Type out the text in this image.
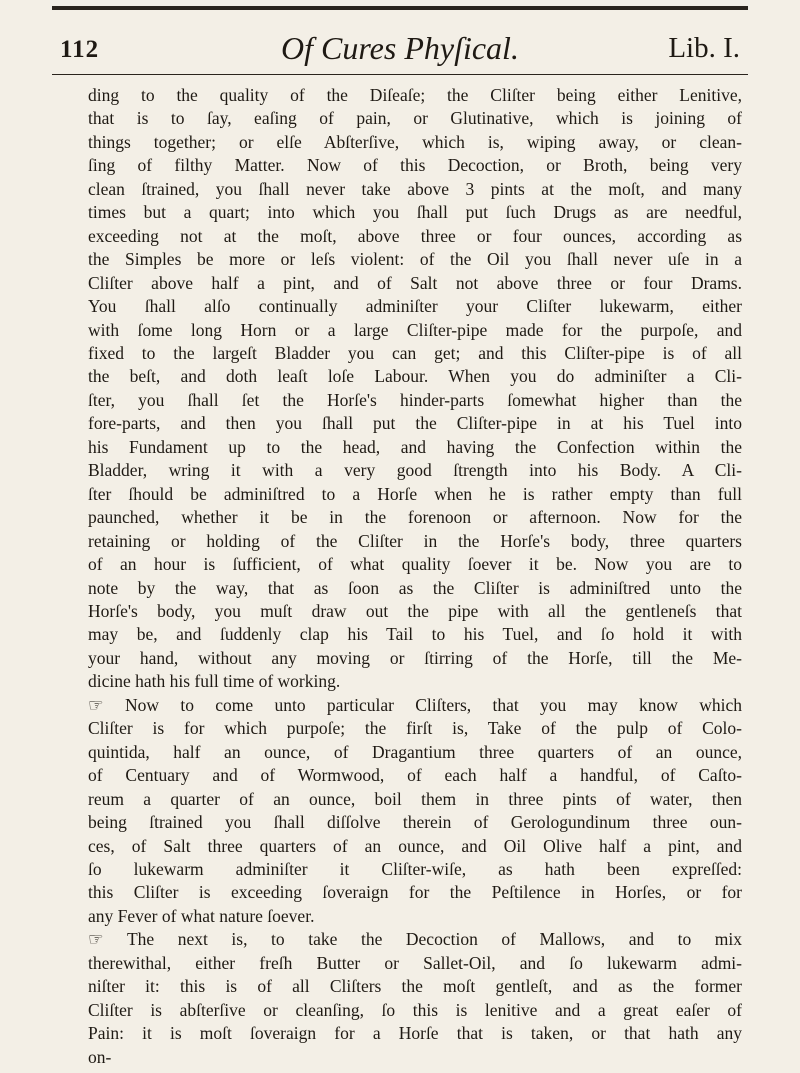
112	Of Cures Phyſical.	Lib. I.
ding to the quality of the Diſeaſe; the Cliſter being either Lenitive,
that is to ſay, eaſing of pain, or Glutinative, which is joining of
things together; or elſe Abſterſive, which is, wiping away, or clean-
ſing of filthy Matter. Now of this Decoction, or Broth, being very
clean ſtrained, you ſhall never take above 3 pints at the moſt, and many
times but a quart; into which you ſhall put ſuch Drugs as are needful,
exceeding not at the moſt, above three or four ounces, according as
the Simples be more or leſs violent: of the Oil you ſhall never uſe in a
Cliſter above half a pint, and of Salt not above three or four Drams.
You ſhall alſo continually adminiſter your Cliſter lukewarm, either
with ſome long Horn or a large Cliſter-pipe made for the purpoſe, and
fixed to the largeſt Bladder you can get; and this Cliſter-pipe is of all
the beſt, and doth leaſt loſe Labour. When you do adminiſter a Cli-
ſter, you ſhall ſet the Horſe's hinder-parts ſomewhat higher than the
fore-parts, and then you ſhall put the Cliſter-pipe in at his Tuel into
his Fundament up to the head, and having the Confection within the
Bladder, wring it with a very good ſtrength into his Body. A Cli-
ſter ſhould be adminiſtred to a Horſe when he is rather empty than full
paunched, whether it be in the forenoon or afternoon. Now for the
retaining or holding of the Cliſter in the Horſe's body, three quarters
of an hour is ſufficient, of what quality ſoever it be. Now you are to
note by the way, that as ſoon as the Cliſter is adminiſtred unto the
Horſe's body, you muſt draw out the pipe with all the gentleneſs that
may be, and ſuddenly clap his Tail to his Tuel, and ſo hold it with
your hand, without any moving or ſtirring of the Horſe, till the Me-
dicine hath his full time of working.
☞ Now to come unto particular Cliſters, that you may know which
Cliſter is for which purpoſe; the firſt is, Take of the pulp of Colo-
quintida, half an ounce, of Dragantium three quarters of an ounce,
of Centuary and of Wormwood, of each half a handful, of Caſto-
reum a quarter of an ounce, boil them in three pints of water, then
being ſtrained you ſhall diſſolve therein of Gerologundinum three oun-
ces, of Salt three quarters of an ounce, and Oil Olive half a pint, and
ſo lukewarm adminiſter it Cliſter-wiſe, as hath been expreſſed:
this Cliſter is exceeding ſoveraign for the Peſtilence in Horſes, or for
any Fever of what nature ſoever.
☞ The next is, to take the Decoction of Mallows, and to mix
therewithal, either freſh Butter or Sallet-Oil, and ſo lukewarm admi-
niſter it: this is of all Cliſters the moſt gentleſt, and as the former
Cliſter is abſterſive or cleanſing, ſo this is lenitive and a great eaſer of
Pain: it is moſt ſoveraign for a Horſe that is taken, or that hath any
on-
